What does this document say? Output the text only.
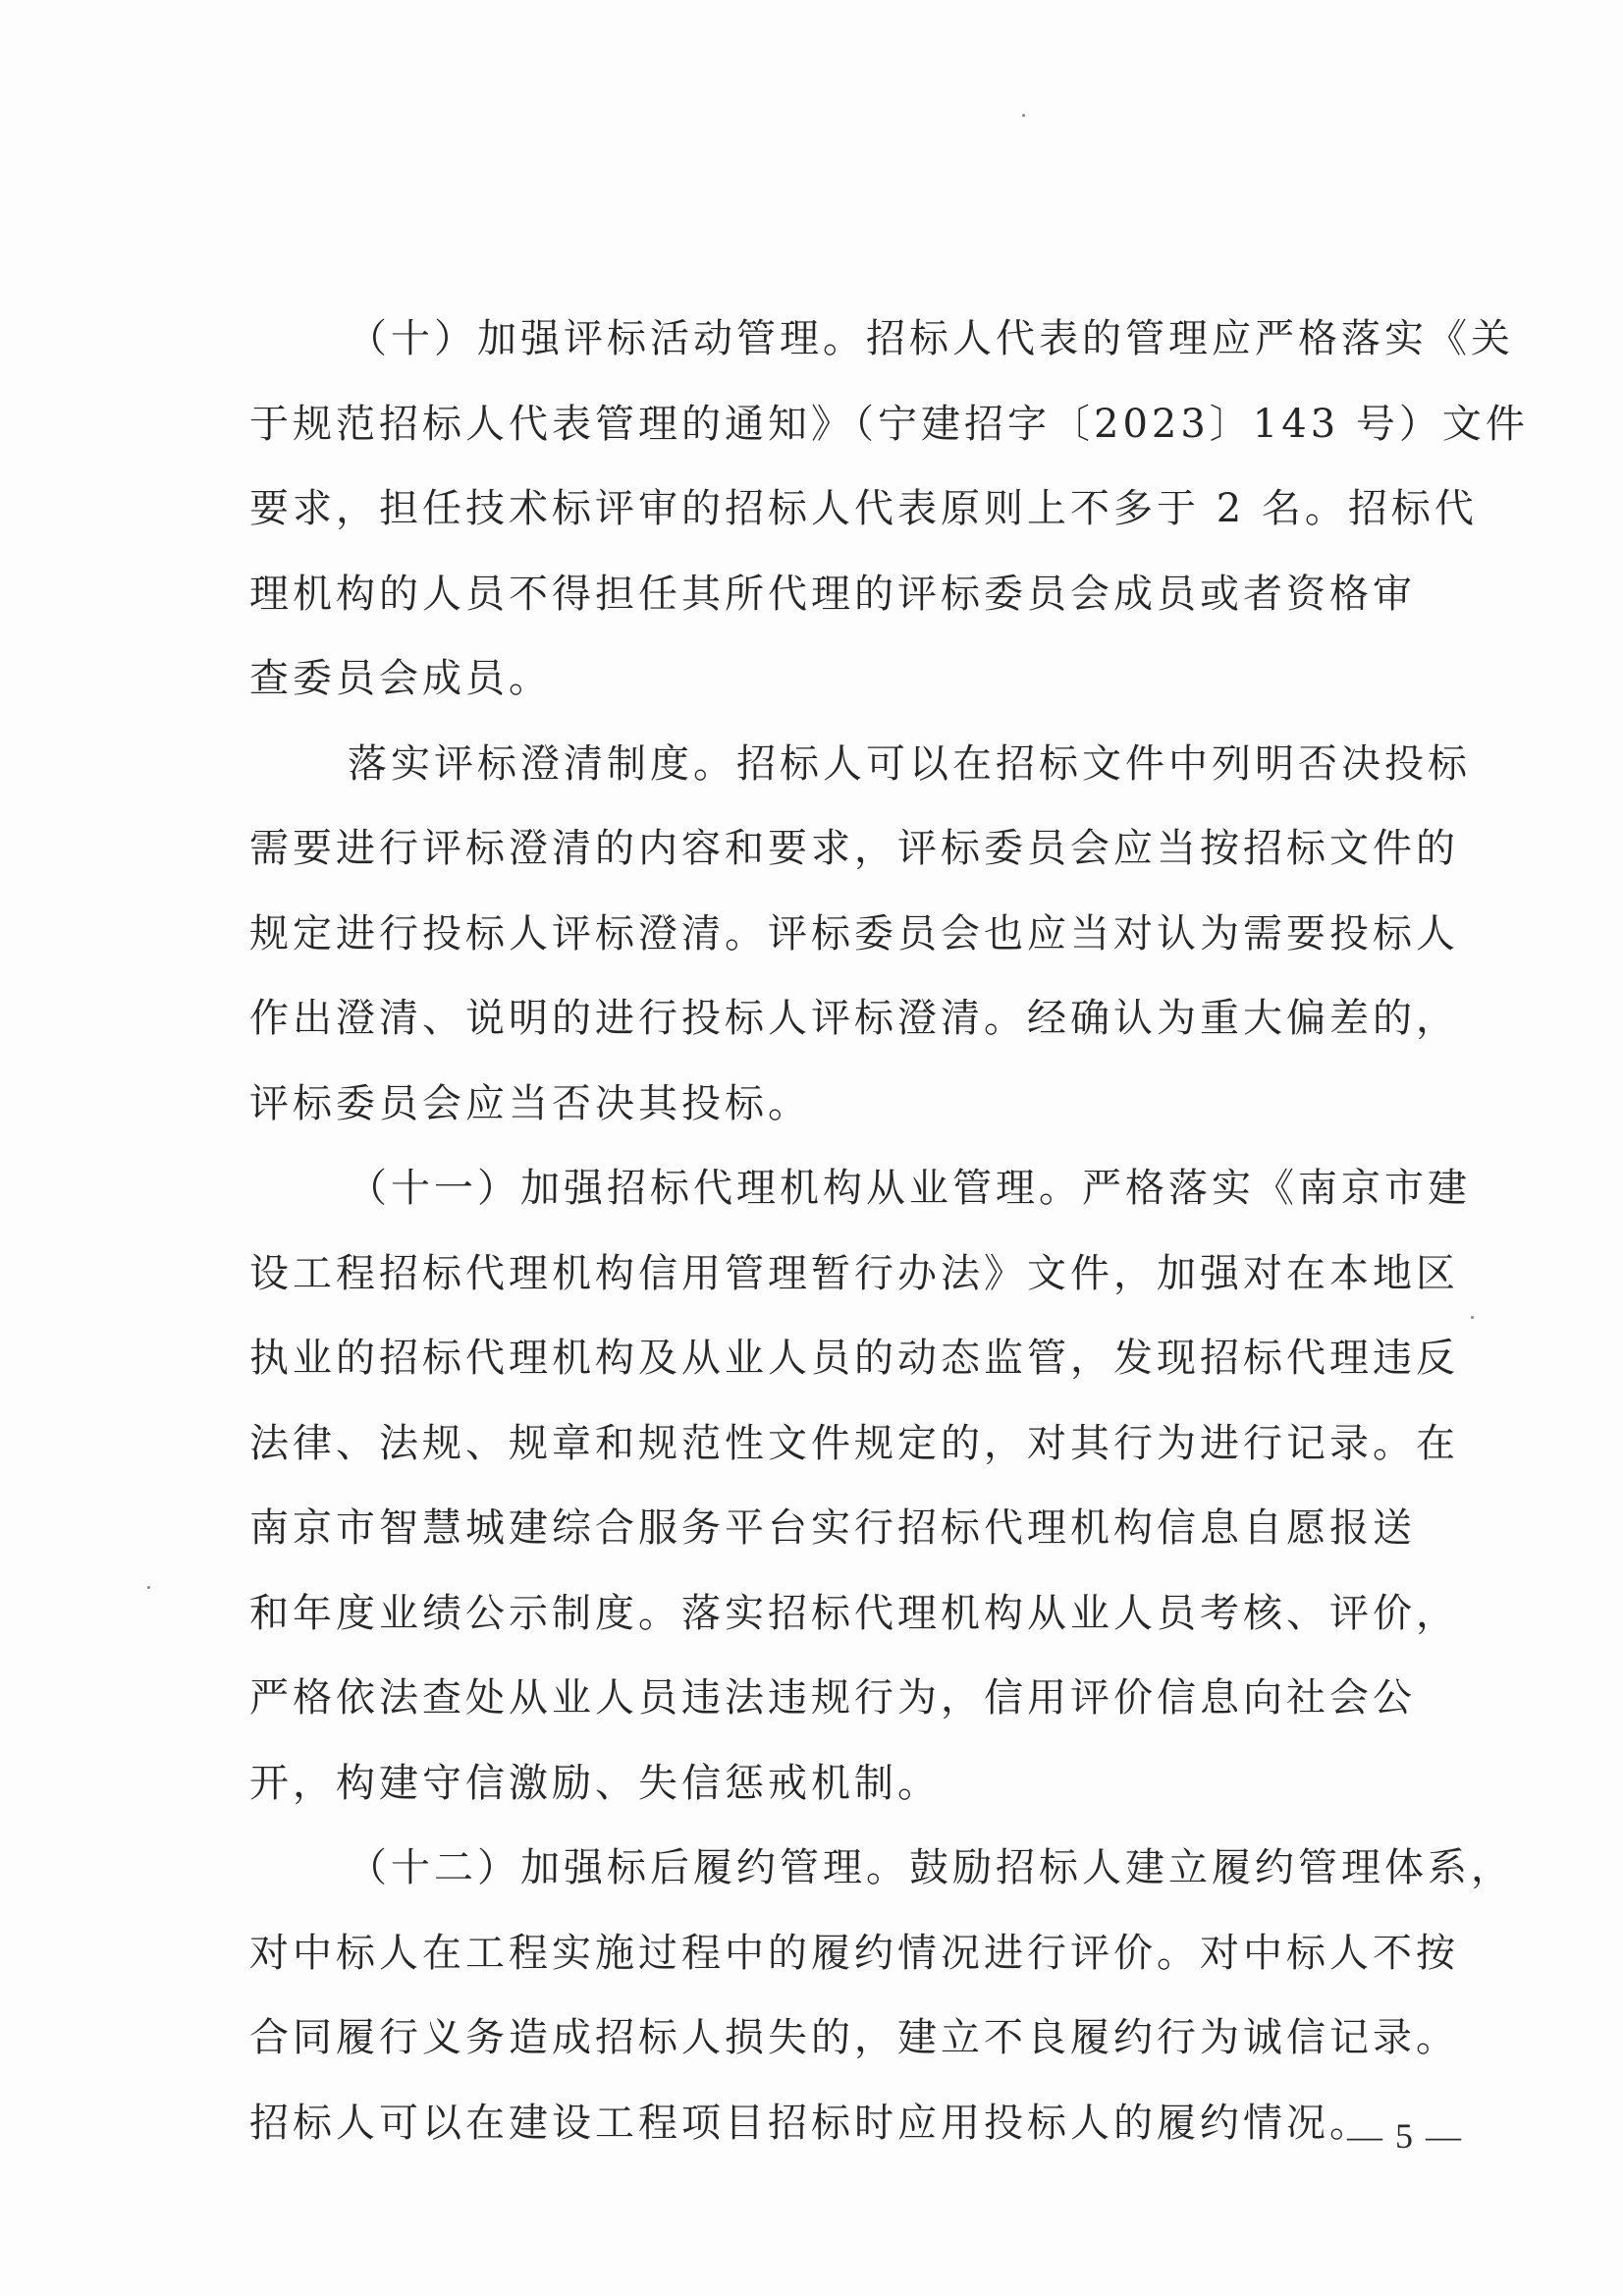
（十）加强评标活动管理。招标人代表的管理应严格落实《关
于规范招标人代表管理的通知》（宁建招字〔2023〕143 号）文件
要求，担任技术标评审的招标人代表原则上不多于 2 名。招标代
理机构的人员不得担任其所代理的评标委员会成员或者资格审
查委员会成员。
落实评标澄清制度。招标人可以在招标文件中列明否决投标
需要进行评标澄清的内容和要求，评标委员会应当按招标文件的
规定进行投标人评标澄清。评标委员会也应当对认为需要投标人
作出澄清、说明的进行投标人评标澄清。经确认为重大偏差的，
评标委员会应当否决其投标。
（十一）加强招标代理机构从业管理。严格落实《南京市建
设工程招标代理机构信用管理暂行办法》文件，加强对在本地区
执业的招标代理机构及从业人员的动态监管，发现招标代理违反
法律、法规、规章和规范性文件规定的，对其行为进行记录。在
南京市智慧城建综合服务平台实行招标代理机构信息自愿报送
和年度业绩公示制度。落实招标代理机构从业人员考核、评价，
严格依法查处从业人员违法违规行为，信用评价信息向社会公
开，构建守信激励、失信惩戒机制。
（十二）加强标后履约管理。鼓励招标人建立履约管理体系，
对中标人在工程实施过程中的履约情况进行评价。对中标人不按
合同履行义务造成招标人损失的，建立不良履约行为诚信记录。
招标人可以在建设工程项目招标时应用投标人的履约情况。
— 5 —
